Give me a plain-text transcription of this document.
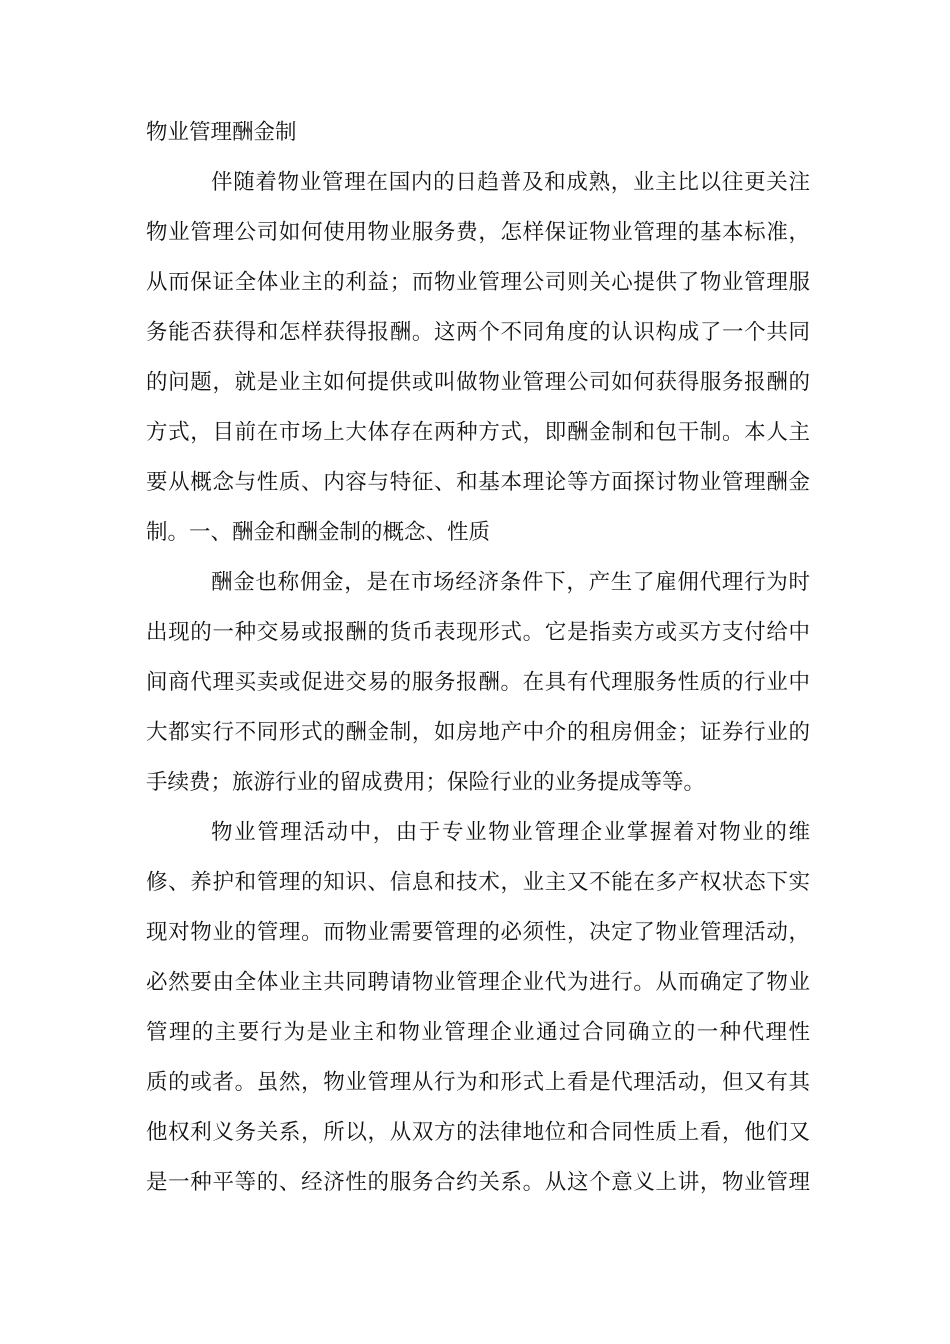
物业管理酬金制
伴随着物业管理在国内的日趋普及和成熟，业主比以往更关注
物业管理公司如何使用物业服务费，怎样保证物业管理的基本标准，
从而保证全体业主的利益；而物业管理公司则关心提供了物业管理服
务能否获得和怎样获得报酬。这两个不同角度的认识构成了一个共同
的问题，就是业主如何提供或叫做物业管理公司如何获得服务报酬的
方式，目前在市场上大体存在两种方式，即酬金制和包干制。本人主
要从概念与性质、内容与特征、和基本理论等方面探讨物业管理酬金
制。一、酬金和酬金制的概念、性质
酬金也称佣金，是在市场经济条件下，产生了雇佣代理行为时
出现的一种交易或报酬的货币表现形式。它是指卖方或买方支付给中
间商代理买卖或促进交易的服务报酬。在具有代理服务性质的行业中
大都实行不同形式的酬金制，如房地产中介的租房佣金；证券行业的
手续费；旅游行业的留成费用；保险行业的业务提成等等。
物业管理活动中，由于专业物业管理企业掌握着对物业的维
修、养护和管理的知识、信息和技术，业主又不能在多产权状态下实
现对物业的管理。而物业需要管理的必须性，决定了物业管理活动，
必然要由全体业主共同聘请物业管理企业代为进行。从而确定了物业
管理的主要行为是业主和物业管理企业通过合同确立的一种代理性
质的或者。虽然，物业管理从行为和形式上看是代理活动，但又有其
他权利义务关系，所以，从双方的法律地位和合同性质上看，他们又
是一种平等的、经济性的服务合约关系。从这个意义上讲，物业管理
